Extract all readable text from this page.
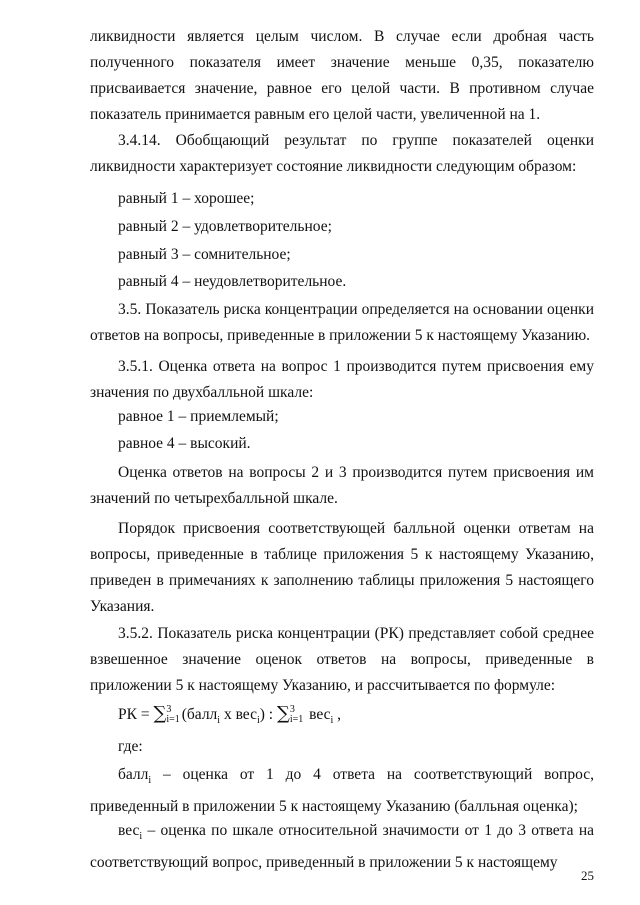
ликвидности является целым числом. В случае если дробная часть полученного показателя имеет значение меньше 0,35, показателю присваивается значение, равное его целой части. В противном случае показатель принимается равным его целой части, увеличенной на 1.

3.4.14. Обобщающий результат по группе показателей оценки ликвидности характеризует состояние ликвидности следующим образом:

равный 1 – хорошее;

равный 2 – удовлетворительное;

равный 3 – сомнительное;

равный 4 – неудовлетворительное.

3.5. Показатель риска концентрации определяется на основании оценки ответов на вопросы, приведенные в приложении 5 к настоящему Указанию.

3.5.1. Оценка ответа на вопрос 1 производится путем присвоения ему значения по двухбалльной шкале:

равное 1 – приемлемый;

равное 4 – высокий.

Оценка ответов на вопросы 2 и 3 производится путем присвоения им значений по четырехбалльной шкале.

Порядок присвоения соответствующей балльной оценки ответам на вопросы, приведенные в таблице приложения 5 к настоящему Указанию, приведен в примечаниях к заполнению таблицы приложения 5 настоящего Указания.

3.5.2. Показатель риска концентрации (РК) представляет собой среднее взвешенное значение оценок ответов на вопросы, приведенные в приложении 5 к настоящему Указанию, и рассчитывается по формуле:

РК = ∑ 3
i=1 (балл$_i$ х вес$_i$) : ∑ 3
i=1 вес$_i$ ,

где:

балл$_i$ – оценка от 1 до 4 ответа на соответствующий вопрос, приведенный в приложении 5 к настоящему Указанию (балльная оценка);

вес$_i$ – оценка по шкале относительной значимости от 1 до 3 ответа на соответствующий вопрос, приведенный в приложении 5 к настоящему

25
